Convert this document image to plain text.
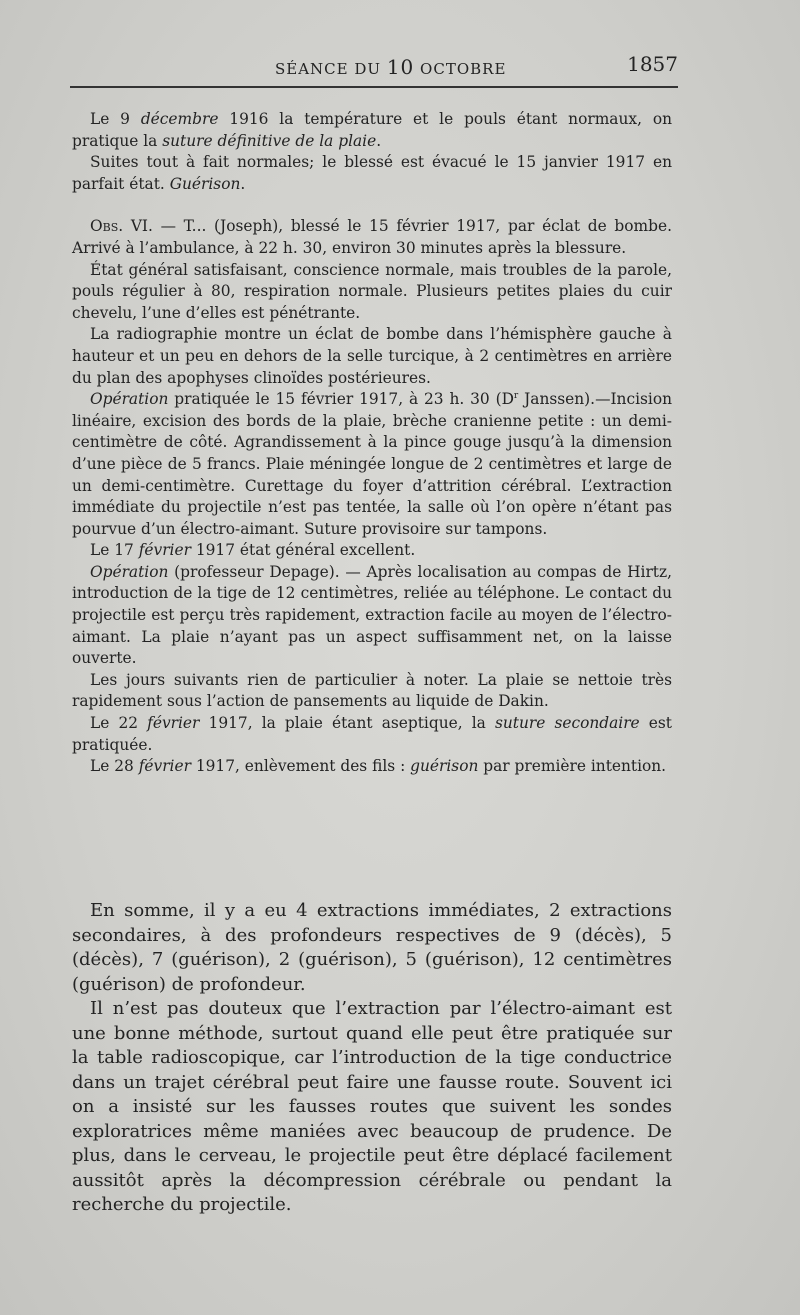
SÉANCE DU 10 OCTOBRE	1857

Le 9 décembre 1916 la température et le pouls étant normaux, on pratique la suture définitive de la plaie.

Suites tout à fait normales; le blessé est évacué le 15 janvier 1917 en parfait état. Guérison.

Obs. VI. — T... (Joseph), blessé le 15 février 1917, par éclat de bombe. Arrivé à l’ambulance, à 22 h. 30, environ 30 minutes après la blessure.

État général satisfaisant, conscience normale, mais troubles de la parole, pouls régulier à 80, respiration normale. Plusieurs petites plaies du cuir chevelu, l’une d’elles est pénétrante.

La radiographie montre un éclat de bombe dans l’hémisphère gauche à hauteur et un peu en dehors de la selle turcique, à 2 centimètres en arrière du plan des apophyses clinoïdes postérieures.

Opération pratiquée le 15 février 1917, à 23 h. 30 ($D^r$ Janssen).—Incision linéaire, excision des bords de la plaie, brèche cranienne petite : un demi-centimètre de côté. Agrandissement à la pince gouge jusqu’à la dimension d’une pièce de 5 francs. Plaie méningée longue de 2 centimètres et large de un demi-centimètre. Curettage du foyer d’attrition cérébral. L’extraction immédiate du projectile n’est pas tentée, la salle où l’on opère n’étant pas pourvue d’un électro-aimant. Suture provisoire sur tampons.

Le 17 février 1917 état général excellent.

Opération (professeur Depage). — Après localisation au compas de Hirtz, introduction de la tige de 12 centimètres, reliée au téléphone. Le contact du projectile est perçu très rapidement, extraction facile au moyen de l’électro-aimant. La plaie n’ayant pas un aspect suffisamment net, on la laisse ouverte.

Les jours suivants rien de particulier à noter. La plaie se nettoie très rapidement sous l’action de pansements au liquide de Dakin.

Le 22 février 1917, la plaie étant aseptique, la suture secondaire est pratiquée.

Le 28 février 1917, enlèvement des fils : guérison par première intention.

En somme, il y a eu 4 extractions immédiates, 2 extractions secondaires, à des profondeurs respectives de 9 (décès), 5 (décès), 7 (guérison), 2 (guérison), 5 (guérison), 12 centimètres (guérison) de profondeur.

Il n’est pas douteux que l’extraction par l’électro-aimant est une bonne méthode, surtout quand elle peut être pratiquée sur la table radioscopique, car l’introduction de la tige conductrice dans un trajet cérébral peut faire une fausse route. Souvent ici on a insisté sur les fausses routes que suivent les sondes exploratrices même maniées avec beaucoup de prudence. De plus, dans le cerveau, le projectile peut être déplacé facilement aussitôt après la décompression cérébrale ou pendant la recherche du projectile.
